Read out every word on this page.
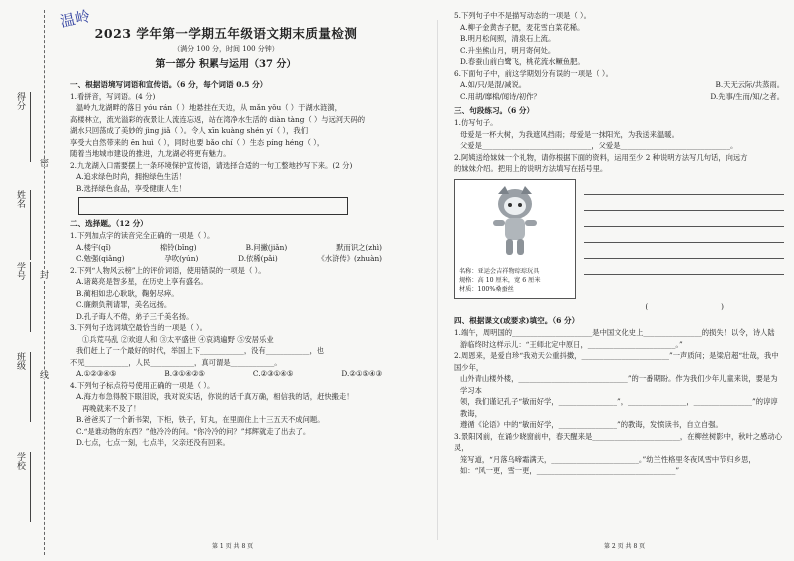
得分
姓名
学号
班级
学校
密
封
线
温岭
2023 学年第一学期五年级语文期末质量检测
（满分 100 分，时间 100 分钟）
第一部分 积累与运用（37 分）
一、根据语境写词语和宣传语。（6 分，每个词语 0.5 分）

1.看拼音，写词语。(4 分)

温岭九龙湖畔的落日 yóu rán（ ）地悬挂在天边，从 mǎn yǒu（ ）于湖水涟漪，

高楼林立，流光溢彩的夜景让人流连忘返，站在湾净水生活的 diàn tàng（ ）与远河天码的

湖水只回荡成了美妙的 jìng jiǎ（ ）。令人 xīn kuàng shén yí（ ），我们

享受大自然带来的 ēn huì（ ），同时也要 bǎo chí（ ）生态 píng héng（ ），

随着当地城市建设的推进，九龙湖必将更有魅力。

2.九龙湖入口需要摆上一条环境保护宣传语，请选择合适的一句工整地抄写下来。(2 分)

A.追求绿色时尚，拥抱绿色生活！

B.选择绿色食品，享受健康人生！

二、选择题。（12 分）

1.下列加点字的读音完全正确的一项是（ ）。

A.楼宇(qǐ)	棉铃(bǐng)	B.问撇(jiǎn)	默而识之(zhì)
C.勉强(qiǎng)	孕吹(yún)	D.依稀(pǎi)	《水浒传》(zhuàn)

2.下列“人物风云榜”上的评价词语，使用错误的一项是（ ）。

A.诸葛亮是智多星，在历史上享有盛名。

B.蔺相如忠心耿耿，鞠躬尽瘁。

C.廉颇负荆请罪，美名远扬。

D.孔子诲人不倦，弟子三千美名扬。

3.下列句子选词填空最恰当的一项是（ ）。

①兵荒马乱 ②欢迎人和 ③太平盛世 ④哀鸿遍野 ⑤安居乐业

我们赶上了一个最好的时代，举国上下____________，没有____________，也

不见____________，人民____________，真可谓是____________。

A.①②③④⑤	B.③①④②⑤	C.②③①④⑤	D.②①⑤④③

4.下列句子标点符号使用正确的一项是（ ）。

A.海力布急得脱下眼泪说，我对说实话，你说的话千真万确，相信我的话，赶快搬走！

再晚就来不及了！

B.爸爸买了一个新书架，下柜，铁子，钉丸，在里面住上十三五天不成问题。

C.“是谁动物的东西？”他冷冷的问。“你冷冷的问？”邦辉就走了出去了。

D.七点，七点一刻，七点半，父亲还没有回来。

第 1 页 共 8 页

5.下列句子中不是描写动态的一项是（ ）。

A.柳子金黄杏子肥，麦花雪白菜花稀。

B.明月松间照，清泉石上流。

C.升坐熊山月，明月寄何处。

D.春蚕山前白鹭飞，桃花流水鳜鱼肥。

6.下面句子中，前这学期划分有误的一项是（ ）。

A.如/只/是混/减说。	B.天无云际/共蒸雨。
C.用胡/靡棉/闻诗/初作？	D.先事/生而/知/之者。
三、句段练习。（6 分）

1.仿写句子。

母爱是一杯大树，为我遮风挡雨；母爱是一抹阳光，为我送来温暖。

父爱是______________________________，父爱是______________________________。

2.阿姨送给妹妹一个礼物，请你根据下面的资料，运用至少 2 种说明方法写几句话，向远方

的妹妹介绍。把用上的说明方法填写在括号里。

名称：亚运会吉祥物琮琮玩具
规格：高 10 厘米，宽 6 厘米
材质：100%桑蚕丝
(　　　　　　　　　　)
四、根据课文(或要求)填空。（6 分）

1.端午，周明国的______________________是中国文化史上________________的损失！以令，诗人陆

游临终时这样示儿：“王师北定中原日，________________________。”

2.周恩来，是爱自珍“我劝天公重抖擞，________________________”一声质问；是梁启超“壮哉，我中国少年，

山外青山楼外楼，______________________________”的一番期盼。作为我们少年儿童来说，要是为学习本

领，我们谨记孔子“敏而好学，________________”，________________，________________”的谆谆教诲，

遵循《论语》中的“敏而好学，________________”的教诲，发愤读书，自立自强。

3.景阳冈前，在诵少晓窗前中，春天醒来是________________________，在柳丝树影中，秋叶之感动心灵，

笼写道，“月落乌啼霜满天，________________________。”幼兰性格里冬夜风雪中节归乡思，

如：“风一更，雪一更，______________________________________”

第 2 页 共 8 页
